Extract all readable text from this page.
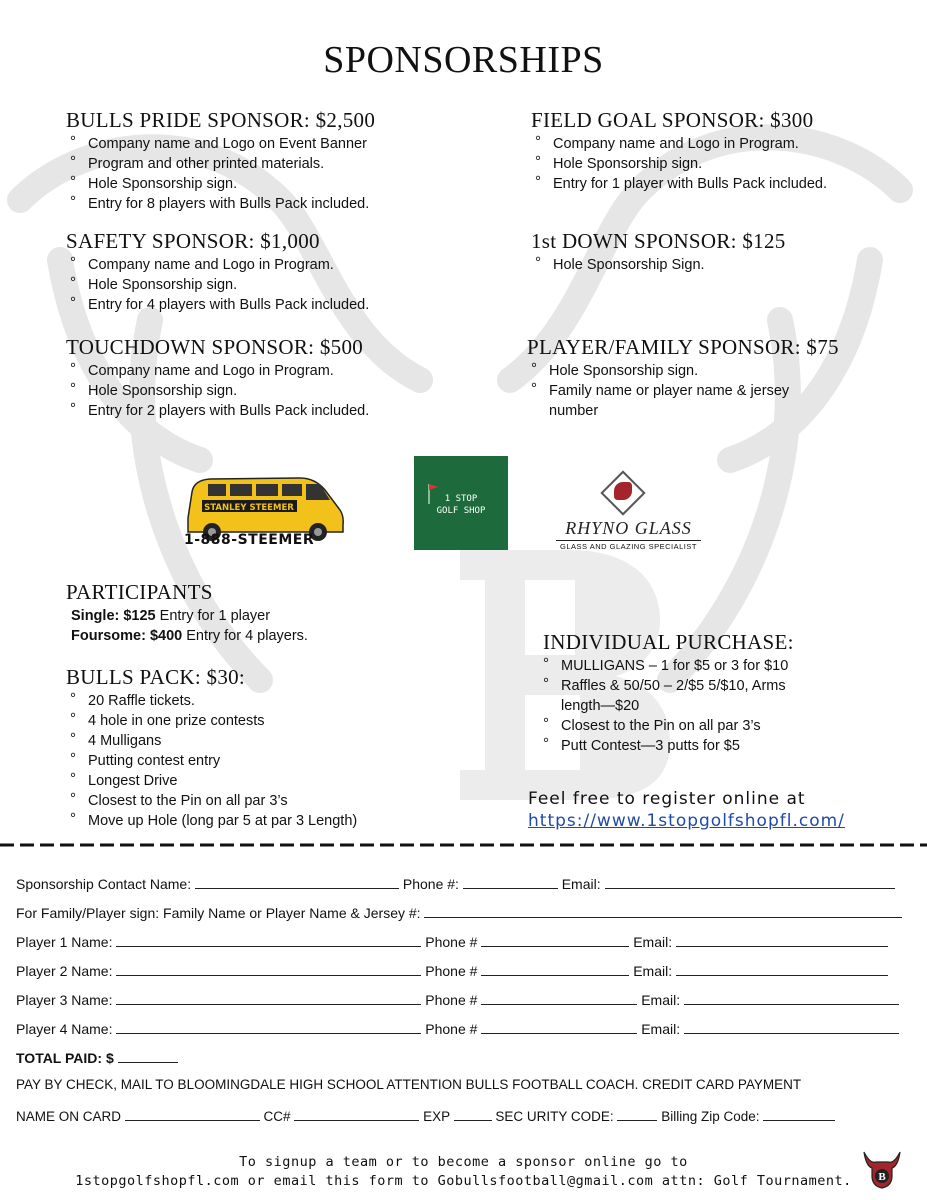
SPONSORSHIPS
BULLS PRIDE SPONSOR: $2,500
° Company name and Logo on Event Banner
° Program and other printed materials.
° Hole Sponsorship sign.
° Entry for 8 players with Bulls Pack included.
FIELD GOAL SPONSOR: $300
° Company name and Logo in Program.
° Hole Sponsorship sign.
° Entry for 1 player with Bulls Pack included.
SAFETY SPONSOR: $1,000
° Company name and Logo in Program.
° Hole Sponsorship sign.
° Entry for 4 players with Bulls Pack included.
1st DOWN SPONSOR: $125
° Hole Sponsorship Sign.
TOUCHDOWN SPONSOR: $500
° Company name and Logo in Program.
° Hole Sponsorship sign.
° Entry for 2 players with Bulls Pack included.
PLAYER/FAMILY SPONSOR: $75
° Hole Sponsorship sign.
° Family name or player name & jersey number
STANLEY STEEMER
1-888-STEEMER
1 STOP
GOLF SHOP
RHYNO GLASS
GLASS AND GLAZING SPECIALIST
PARTICIPANTS
Single: $125 Entry for 1 player
Foursome: $400 Entry for 4 players.
BULLS PACK: $30:
° 20 Raffle tickets.
° 4 hole in one prize contests
° 4 Mulligans
° Putting contest entry
° Longest Drive
° Closest to the Pin on all par 3’s
° Move up Hole (long par 5 at par 3 Length)
INDIVIDUAL PURCHASE:
° MULLIGANS – 1 for $5 or 3 for $10
° Raffles & 50/50 – 2/$5 5/$10, Arms length—$20
° Closest to the Pin on all par 3’s
° Putt Contest—3 putts for $5
Feel free to register online at
https://www.1stopgolfshopfl.com/
Sponsorship Contact Name:	Phone #:	Email:
For Family/Player sign: Family Name or Player Name & Jersey #:
Player 1 Name:	Phone #	Email:
Player 2 Name:	Phone #	Email:
Player 3 Name:	Phone #	Email:
Player 4 Name:	Phone #	Email:
TOTAL PAID: $
PAY BY CHECK, MAIL TO BLOOMINGDALE HIGH SCHOOL ATTENTION BULLS FOOTBALL COACH. CREDIT CARD PAYMENT
NAME ON CARD	CC#	EXP	SEC URITY CODE:	Billing Zip Code:
To signup a team or to become a sponsor online go to
1stopgolfshopfl.com or email this form to Gobullsfootball@gmail.com attn: Golf Tournament.	B
